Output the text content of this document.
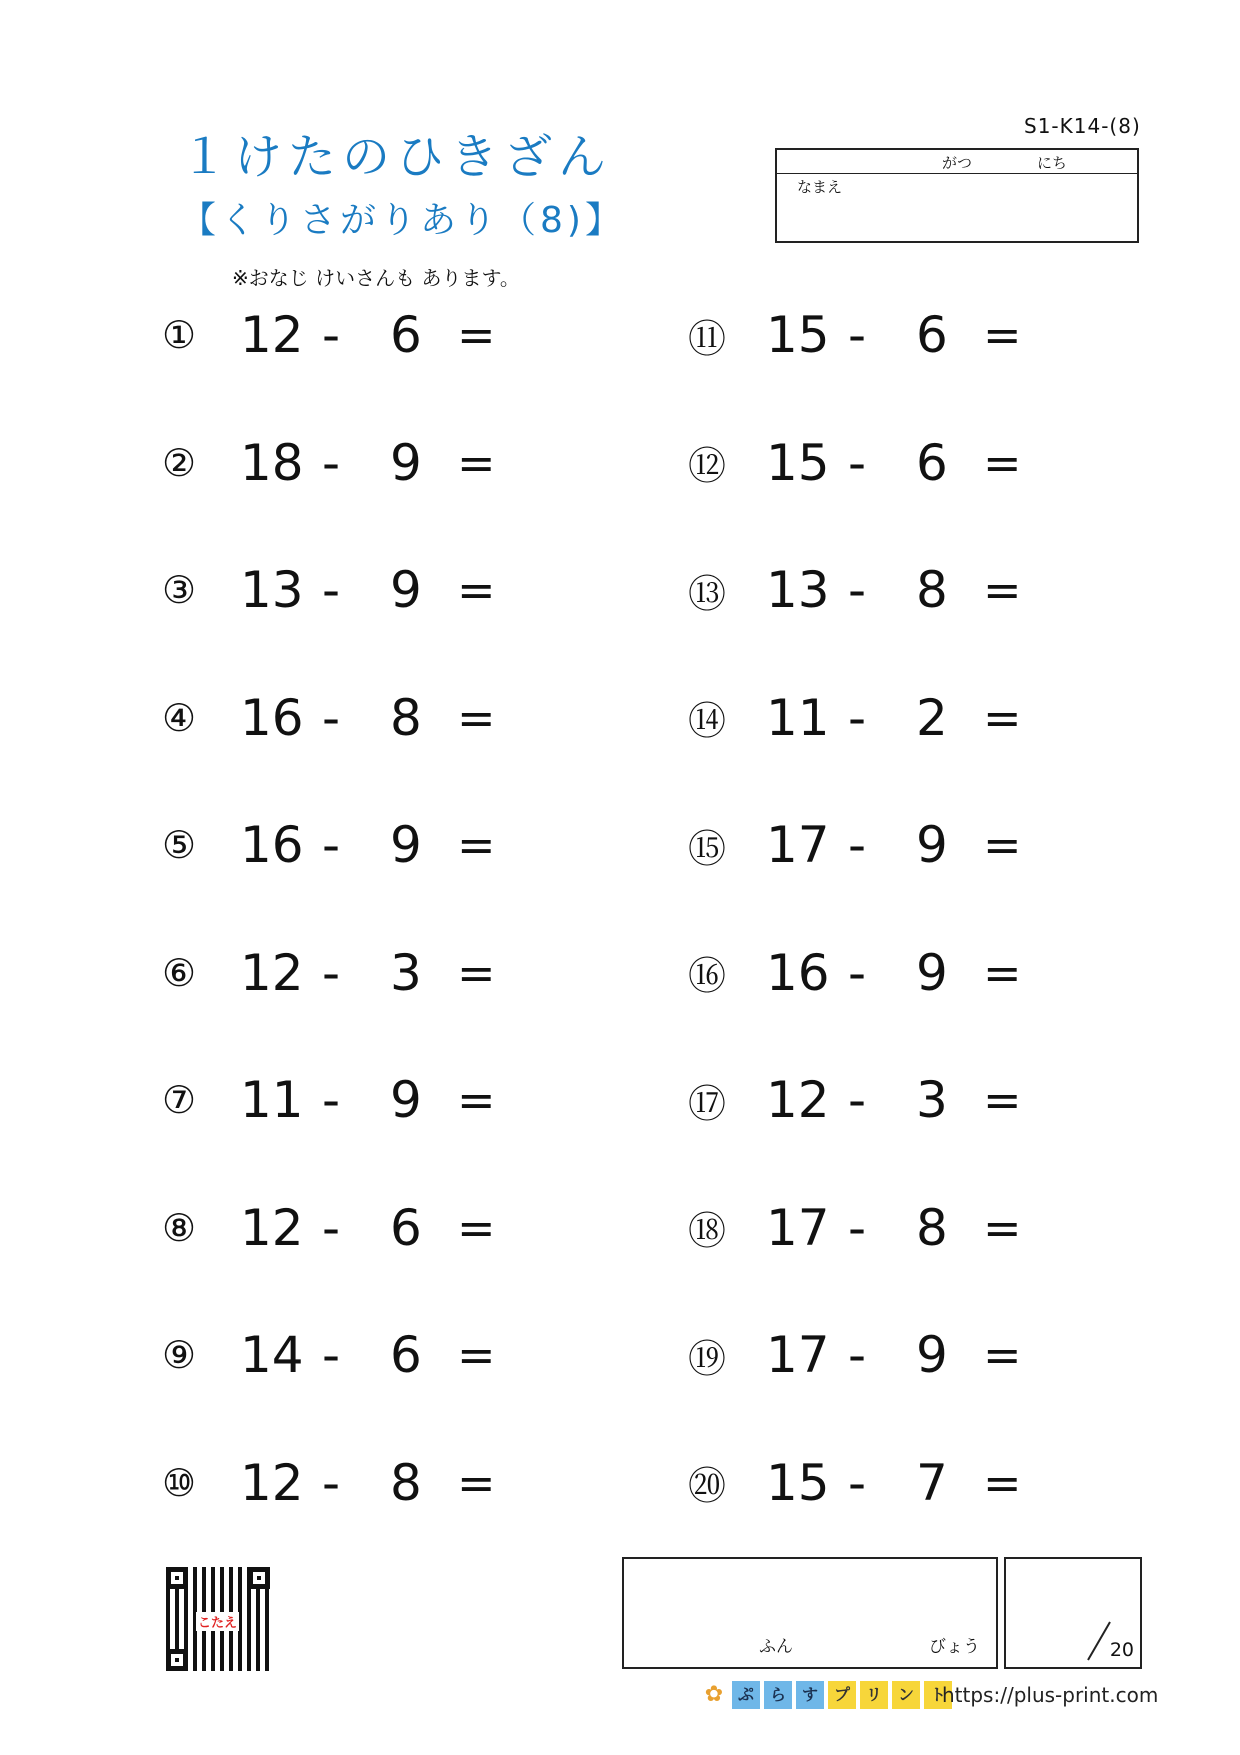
１けたのひきざん
【くりさがりあり（8)】
※おなじ けいさんも あります。
S1-K14-(8)
がつ	にち
なまえ
① 12 - 6 =
② 18 - 9 =
③ 13 - 9 =
④ 16 - 8 =
⑤ 16 - 9 =
⑥ 12 - 3 =
⑦ 11 - 9 =
⑧ 12 - 6 =
⑨ 14 - 6 =
⑩ 12 - 8 =
⑪ 15 - 6 =
⑫ 15 - 6 =
⑬ 13 - 8 =
⑭ 11 - 2 =
⑮ 17 - 9 =
⑯ 16 - 9 =
⑰ 12 - 3 =
⑱ 17 - 8 =
⑲ 17 - 9 =
⑳ 15 - 7 =
こたえ
ふん	びょう	20
✿ ぷ ら す プ リ ン ト
https://plus-print.com
